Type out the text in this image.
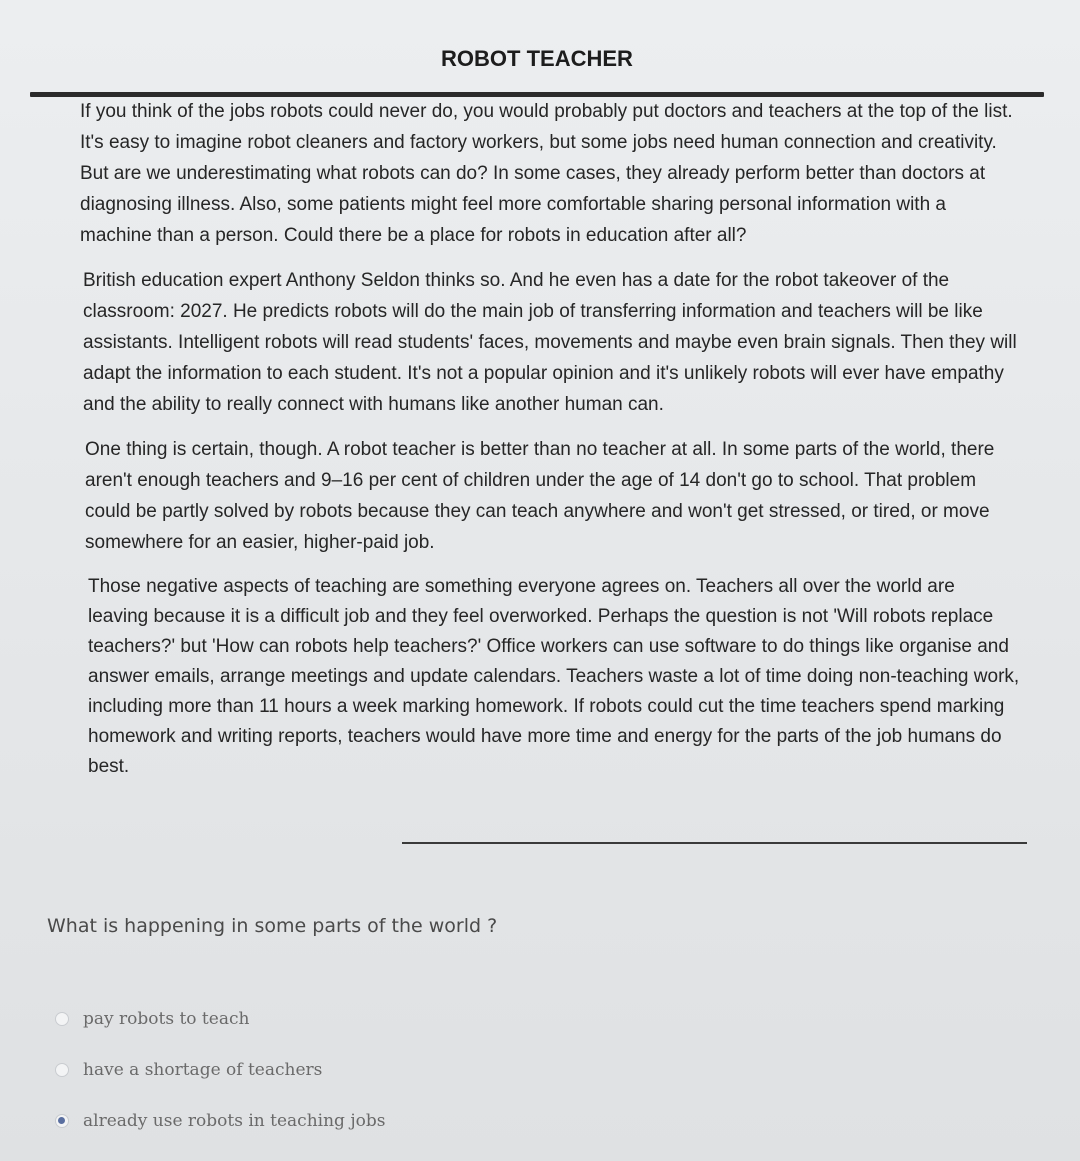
ROBOT TEACHER

If you think of the jobs robots could never do, you would probably put doctors and teachers at the top of the list. It's easy to imagine robot cleaners and factory workers, but some jobs need human connection and creativity. But are we underestimating what robots can do? In some cases, they already perform better than doctors at diagnosing illness. Also, some patients might feel more comfortable sharing personal information with a machine than a person. Could there be a place for robots in education after all?

British education expert Anthony Seldon thinks so. And he even has a date for the robot takeover of the classroom: 2027. He predicts robots will do the main job of transferring information and teachers will be like assistants. Intelligent robots will read students' faces, movements and maybe even brain signals. Then they will adapt the information to each student. It's not a popular opinion and it's unlikely robots will ever have empathy and the ability to really connect with humans like another human can.

One thing is certain, though. A robot teacher is better than no teacher at all. In some parts of the world, there aren't enough teachers and 9–16 per cent of children under the age of 14 don't go to school. That problem could be partly solved by robots because they can teach anywhere and won't get stressed, or tired, or move somewhere for an easier, higher-paid job.

Those negative aspects of teaching are something everyone agrees on. Teachers all over the world are leaving because it is a difficult job and they feel overworked. Perhaps the question is not 'Will robots replace teachers?' but 'How can robots help teachers?' Office workers can use software to do things like organise and answer emails, arrange meetings and update calendars. Teachers waste a lot of time doing non-teaching work, including more than 11 hours a week marking homework. If robots could cut the time teachers spend marking homework and writing reports, teachers would have more time and energy for the parts of the job humans do best.

What is happening in some parts of the world ?
pay robots to teach
have a shortage of teachers
already use robots in teaching jobs
